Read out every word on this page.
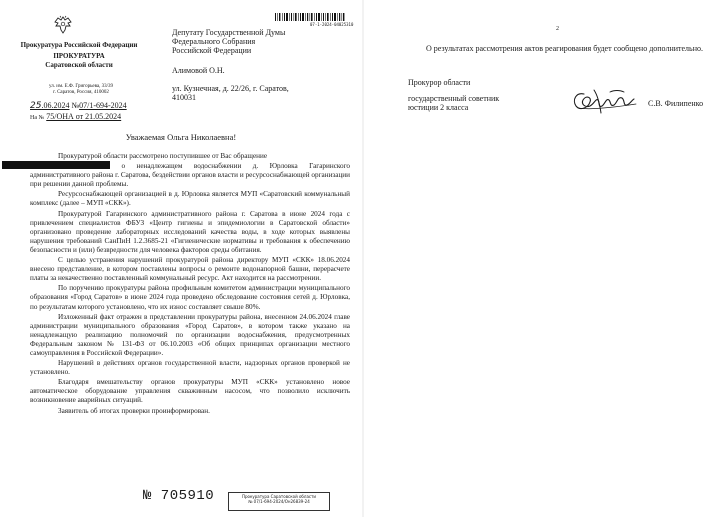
Прокуратура Российской Федерации
ПРОКУРАТУРА
Саратовской области
ул. им. Е.Ф. Григорьева, 33/39
г. Саратов, Россия, 410002
25.06.2024 №07/1-694-2024
На № 75/ОНА от 21.05.2024
07-1-2024-04025310
Депутату Государственной Думы
Федерального Собрания
Российской Федерации
Алимовой О.Н.
ул. Кузнечная, д. 22/26, г. Саратов,
410031
Уважаемая Ольга Николаевна!

Прокуратурой области рассмотрено поступившее от Вас обращение
о ненадлежащем водоснабжении д. Юрловка Гагаринского административного района г. Саратова, бездействии органов власти и ресурсоснабжающей организации при решении данной проблемы.

Ресурсоснабжающей организацией в д. Юрловка является МУП «Саратовский коммунальный комплекс (далее – МУП «СКК»).

Прокуратурой Гагаринского административного района г. Саратова в июне 2024 года с привлечением специалистов ФБУЗ «Центр гигиены и эпидемиологии в Саратовской области» организовано проведение лабораторных исследований качества воды, в ходе которых выявлены нарушения требований СанПиН 1.2.3685-21 «Гигиенические нормативы и требования к обеспечению безопасности и (или) безвредности для человека факторов среды обитания.

С целью устранения нарушений прокуратурой района директору МУП «СКК» 18.06.2024 внесено представление, в котором поставлены вопросы о ремонте водонапорной башни, перерасчете платы за некачественно поставленный коммунальный ресурс. Акт находится на рассмотрении.

По поручению прокуратуры района профильным комитетом администрации муниципального образования «Город Саратов» в июне 2024 года проведено обследование состояния сетей д. Юрловка, по результатам которого установлено, что их износ составляет свыше 80%.

Изложенный факт отражен в представлении прокуратуры района, внесенном 24.06.2024 главе администрации муниципального образования «Город Саратов», в котором также указано на ненадлежащую реализацию полномочий по организации водоснабжения, предусмотренных Федеральным законом № 131-ФЗ от 06.10.2003 «Об общих принципах организации местного самоуправления в Российской Федерации».

Нарушений в действиях органов государственной власти, надзорных органов проверкой не установлено.

Благодаря вмешательству органов прокуратуры МУП «СКК» установлено новое автоматическое оборудование управления скважинным насосом, что позволило исключить возникновение аварийных ситуаций.

Заявитель об итогах проверки проинформирован.

№ 705910	Прокуратура Саратовской области
№ 07/1-694-2024/Он26839-24
2
О результатах рассмотрения актов реагирования будет сообщено дополнительно.
Прокурор области
государственный советник
юстиции 2 класса	С.В. Филипенко
